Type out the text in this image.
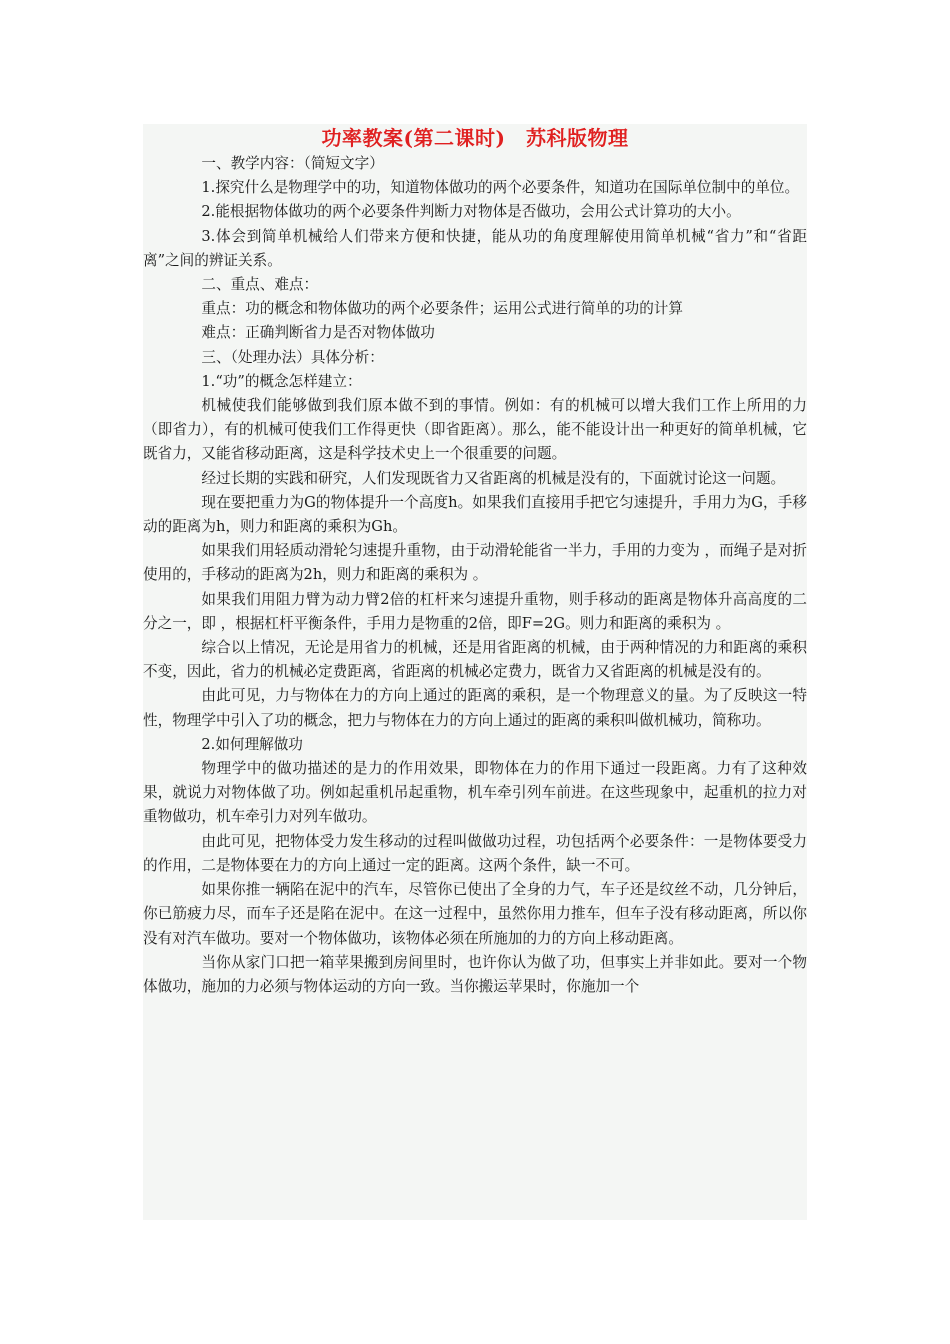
功率教案(第二课时)　苏科版物理

一、教学内容：（简短文字）

1.探究什么是物理学中的功，知道物体做功的两个必要条件，知道功在国际单位制中的单位。

2.能根据物体做功的两个必要条件判断力对物体是否做功，会用公式计算功的大小。

3.体会到简单机械给人们带来方便和快捷，能从功的角度理解使用简单机械“省力”和“省距离”之间的辨证关系。

二、重点、难点：

重点：功的概念和物体做功的两个必要条件；运用公式进行简单的功的计算

难点：正确判断省力是否对物体做功

三、（处理办法）具体分析：

1.“功”的概念怎样建立：

机械使我们能够做到我们原本做不到的事情。例如：有的机械可以增大我们工作上所用的力（即省力），有的机械可使我们工作得更快（即省距离）。那么，能不能设计出一种更好的简单机械，它既省力，又能省移动距离，这是科学技术史上一个很重要的问题。

经过长期的实践和研究，人们发现既省力又省距离的机械是没有的，下面就讨论这一问题。

现在要把重力为G的物体提升一个高度h。如果我们直接用手把它匀速提升，手用力为G，手移动的距离为h，则力和距离的乘积为Gh。

如果我们用轻质动滑轮匀速提升重物，由于动滑轮能省一半力，手用的力变为 ，而绳子是对折使用的，手移动的距离为2h，则力和距离的乘积为 。

如果我们用阻力臂为动力臂2倍的杠杆来匀速提升重物，则手移动的距离是物体升高高度的二分之一，即 ，根据杠杆平衡条件，手用力是物重的2倍，即F=2G。则力和距离的乘积为 。

综合以上情况，无论是用省力的机械，还是用省距离的机械，由于两种情况的力和距离的乘积不变，因此，省力的机械必定费距离，省距离的机械必定费力，既省力又省距离的机械是没有的。

由此可见，力与物体在力的方向上通过的距离的乘积，是一个物理意义的量。为了反映这一特性，物理学中引入了功的概念，把力与物体在力的方向上通过的距离的乘积叫做机械功，简称功。

2.如何理解做功

物理学中的做功描述的是力的作用效果，即物体在力的作用下通过一段距离。力有了这种效果，就说力对物体做了功。例如起重机吊起重物，机车牵引列车前进。在这些现象中，起重机的拉力对重物做功，机车牵引力对列车做功。

由此可见，把物体受力发生移动的过程叫做做功过程，功包括两个必要条件：一是物体要受力的作用，二是物体要在力的方向上通过一定的距离。这两个条件，缺一不可。

如果你推一辆陷在泥中的汽车，尽管你已使出了全身的力气，车子还是纹丝不动，几分钟后，你已筋疲力尽，而车子还是陷在泥中。在这一过程中，虽然你用力推车，但车子没有移动距离，所以你没有对汽车做功。要对一个物体做功，该物体必须在所施加的力的方向上移动距离。

当你从家门口把一箱苹果搬到房间里时，也许你认为做了功，但事实上并非如此。要对一个物体做功，施加的力必须与物体运动的方向一致。当你搬运苹果时，你施加一个
